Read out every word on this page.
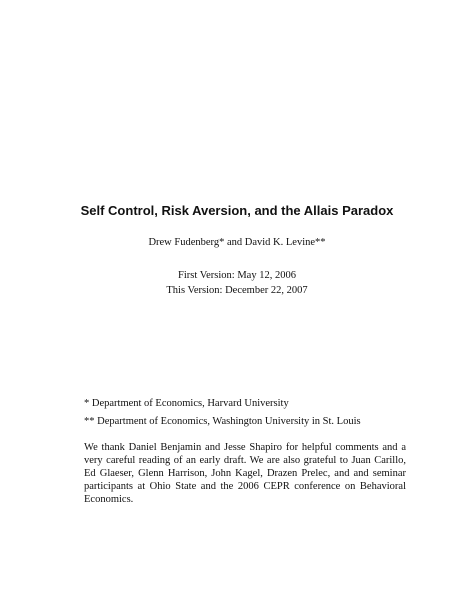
Self Control, Risk Aversion, and the Allais Paradox
Drew Fudenberg* and David K. Levine**
First Version: May 12, 2006
This Version: December 22, 2007
* Department of Economics, Harvard University
** Department of Economics, Washington University in St. Louis
We thank Daniel Benjamin and Jesse Shapiro for helpful comments and a very careful reading of an early draft. We are also grateful to Juan Carillo, Ed Glaeser, Glenn Harrison, John Kagel, Drazen Prelec, and and seminar participants at Ohio State and the 2006 CEPR conference on Behavioral Economics.
